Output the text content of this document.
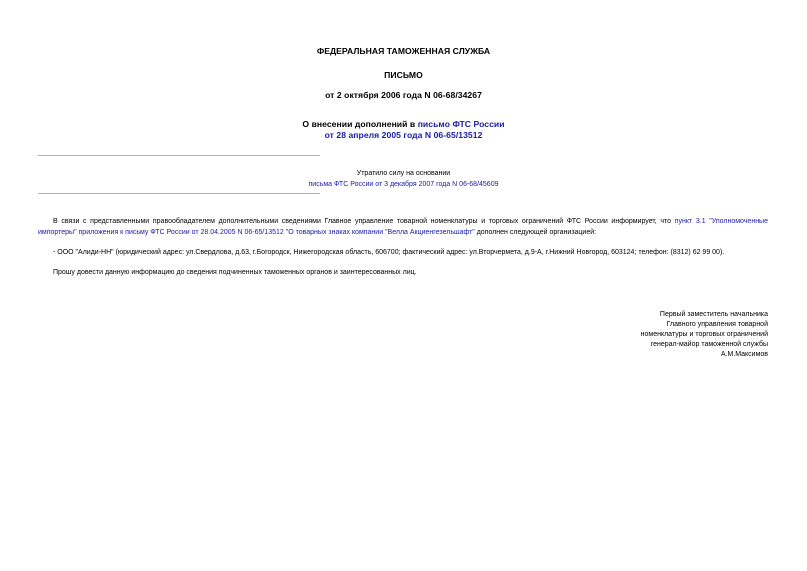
ФЕДЕРАЛЬНАЯ ТАМОЖЕННАЯ СЛУЖБА
ПИСЬМО
от 2 октября 2006 года N 06-68/34267
О внесении дополнений в письмо ФТС России
от 28 апреля 2005 года N 06-65/13512
Утратило силу на основании
письма ФТС России от 3 декабря 2007 года N 06-68/45609
В связи с представленными правообладателем дополнительными сведениями Главное управление товарной номенклатуры и торговых ограничений ФТС России информирует, что пункт 3.1 "Уполномоченные импортеры" приложения к письму ФТС России от 28.04.2005 N 06-65/13512 "О товарных знаках компании "Велла Акциенгезельшафт" дополнен следующей организацией:
- ООО "Алиди-НН" (юридический адрес: ул.Свердлова, д.63, г.Богородск, Нижегородская область, 606700; фактический адрес: ул.Вторчермета, д.9-А, г.Нижний Новгород, 603124; телефон: (8312) 62 99 00).
Прошу довести данную информацию до сведения подчиненных таможенных органов и заинтересованных лиц.
Первый заместитель начальника
Главного управления товарной
номенклатуры и торговых ограничений
генерал-майор таможенной службы
А.М.Максимов
